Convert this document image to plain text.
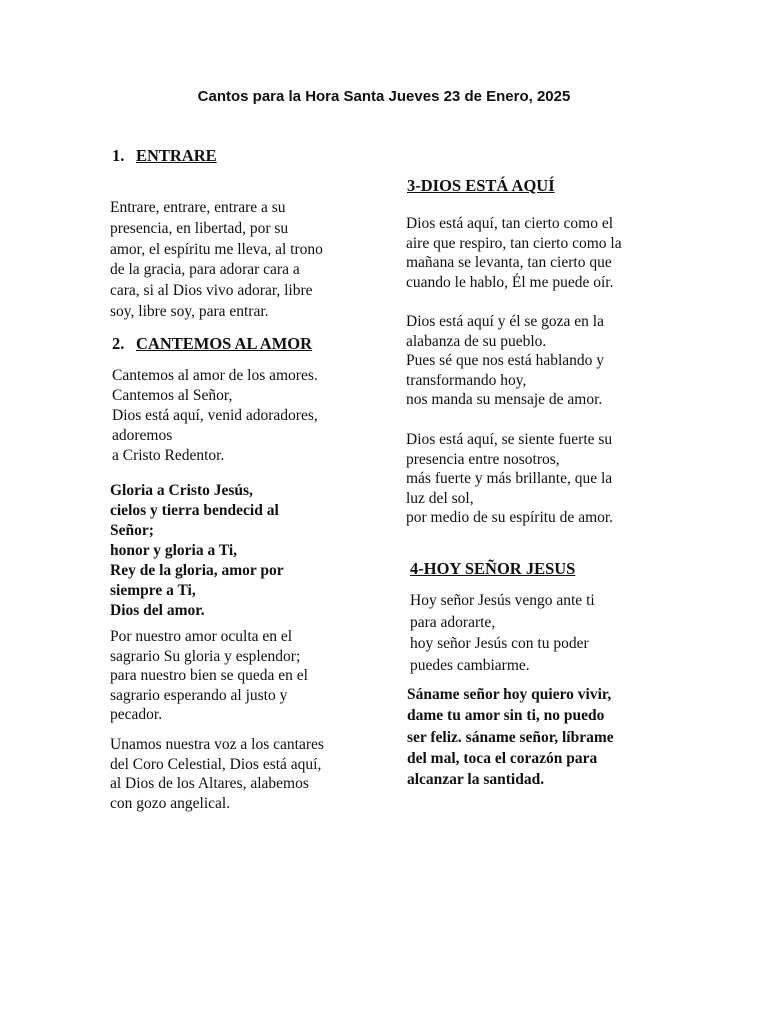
Cantos para la Hora Santa Jueves 23 de Enero, 2025
1. ENTRARE

Entrare, entrare, entrare a su
presencia, en libertad, por su
amor, el espíritu me lleva, al trono
de la gracia, para adorar cara a
cara, si al Dios vivo adorar, libre
soy, libre soy, para entrar.

2. CANTEMOS AL AMOR

Cantemos al amor de los amores.
Cantemos al Señor,
Dios está aquí, venid adoradores,
adoremos
a Cristo Redentor.

Gloria a Cristo Jesús,
cielos y tierra bendecid al
Señor;
honor y gloria a Ti,
Rey de la gloria, amor por
siempre a Ti,
Dios del amor.

Por nuestro amor oculta en el
sagrario Su gloria y esplendor;
para nuestro bien se queda en el
sagrario esperando al justo y
pecador.

Unamos nuestra voz a los cantares
del Coro Celestial, Dios está aquí,
al Dios de los Altares, alabemos
con gozo angelical.

3-DIOS ESTÁ AQUÍ

Dios está aquí, tan cierto como el
aire que respiro, tan cierto como la
mañana se levanta, tan cierto que
cuando le hablo, Él me puede oír.

Dios está aquí y él se goza en la
alabanza de su pueblo.
Pues sé que nos está hablando y
transformando hoy,
nos manda su mensaje de amor.

Dios está aquí, se siente fuerte su
presencia entre nosotros,
más fuerte y más brillante, que la
luz del sol,
por medio de su espíritu de amor.

4-HOY SEÑOR JESUS

Hoy señor Jesús vengo ante ti
para adorarte,
hoy señor Jesús con tu poder
puedes cambiarme.

Sáname señor hoy quiero vivir,
dame tu amor sin ti, no puedo
ser feliz. sáname señor, líbrame
del mal, toca el corazón para
alcanzar la santidad.
